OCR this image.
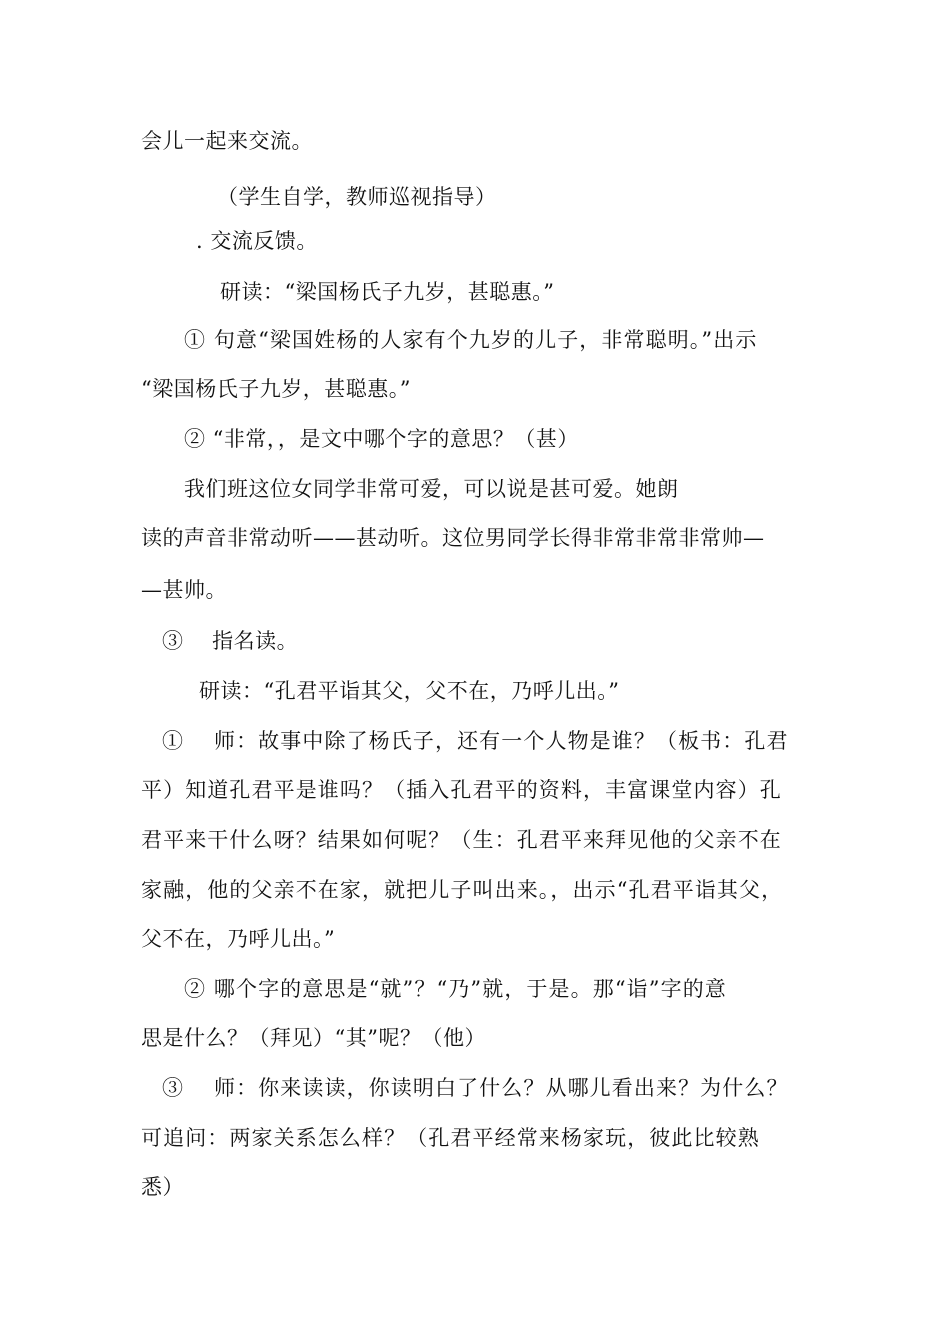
会儿一起来交流。
（学生自学，教师巡视指导）
. 交流反馈。
研读：“梁国杨氏子九岁，甚聪惠。”
① 句意“梁国姓杨的人家有个九岁的儿子，非常聪明。”出示
“梁国杨氏子九岁，甚聪惠。”
② “非常，，是文中哪个字的意思？（甚）
我们班这位女同学非常可爱，可以说是甚可爱。她朗
读的声音非常动听——甚动听。这位男同学长得非常非常非常帅—
—甚帅。
③　 指名读。
研读：“孔君平诣其父，父不在，乃呼儿出。”
①　 师：故事中除了杨氏子，还有一个人物是谁？（板书：孔君
平）知道孔君平是谁吗？（插入孔君平的资料，丰富课堂内容）孔
君平来干什么呀？结果如何呢？（生：孔君平来拜见他的父亲不在
家融，他的父亲不在家，就把儿子叫出来。，出示“孔君平诣其父，
父不在，乃呼儿出。”
② 哪个字的意思是“就”？“乃”就，于是。那“诣”字的意
思是什么？（拜见）“其”呢？（他）
③　 师：你来读读，你读明白了什么？从哪儿看出来？为什么？
可追问：两家关系怎么样？（孔君平经常来杨家玩，彼此比较熟
悉）
